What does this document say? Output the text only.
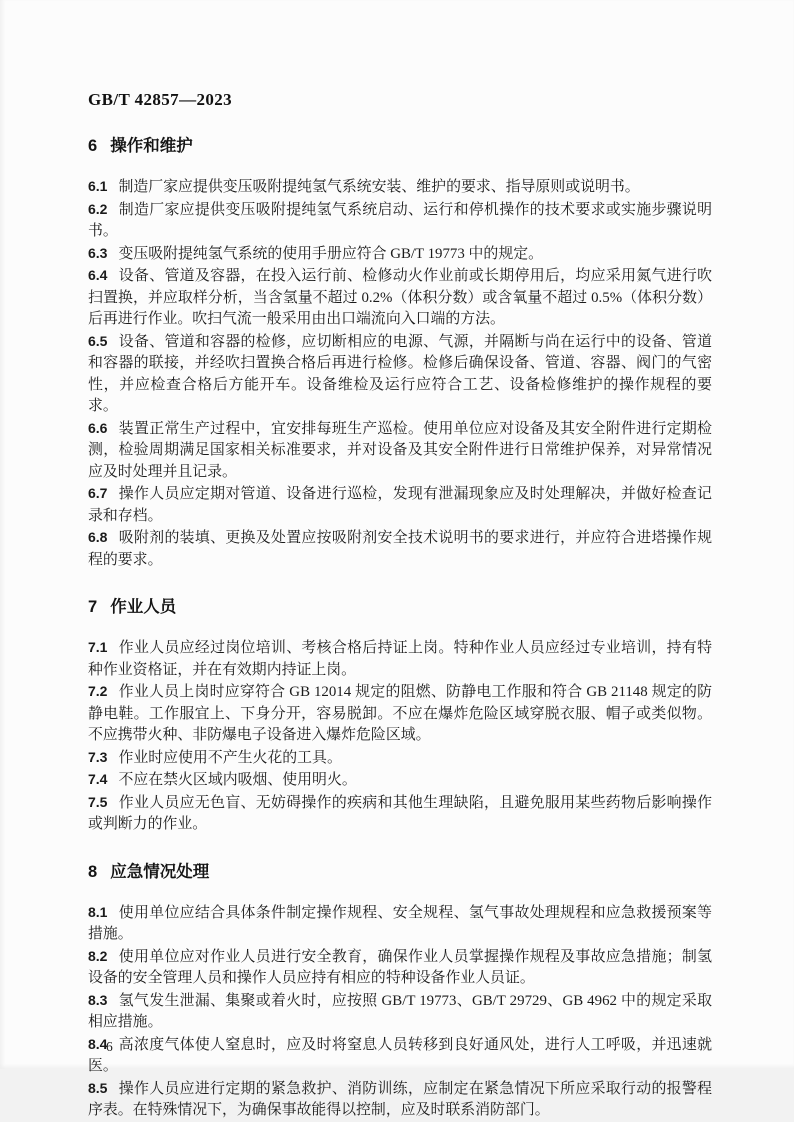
GB/T 42857—2023
6 操作和维护

6.1 制造厂家应提供变压吸附提纯氢气系统安装、维护的要求、指导原则或说明书。

6.2 制造厂家应提供变压吸附提纯氢气系统启动、运行和停机操作的技术要求或实施步骤说明书。

6.3 变压吸附提纯氢气系统的使用手册应符合 GB/T 19773 中的规定。

6.4 设备、管道及容器，在投入运行前、检修动火作业前或长期停用后，均应采用氮气进行吹扫置换，并应取样分析，当含氢量不超过 0.2%（体积分数）或含氧量不超过 0.5%（体积分数）后再进行作业。吹扫气流一般采用由出口端流向入口端的方法。

6.5 设备、管道和容器的检修，应切断相应的电源、气源，并隔断与尚在运行中的设备、管道和容器的联接，并经吹扫置换合格后再进行检修。检修后确保设备、管道、容器、阀门的气密性，并应检查合格后方能开车。设备维检及运行应符合工艺、设备检修维护的操作规程的要求。

6.6 装置正常生产过程中，宜安排每班生产巡检。使用单位应对设备及其安全附件进行定期检测，检验周期满足国家相关标准要求，并对设备及其安全附件进行日常维护保养，对异常情况应及时处理并且记录。

6.7 操作人员应定期对管道、设备进行巡检，发现有泄漏现象应及时处理解决，并做好检查记录和存档。

6.8 吸附剂的装填、更换及处置应按吸附剂安全技术说明书的要求进行，并应符合进塔操作规程的要求。

7 作业人员

7.1 作业人员应经过岗位培训、考核合格后持证上岗。特种作业人员应经过专业培训，持有特种作业资格证，并在有效期内持证上岗。

7.2 作业人员上岗时应穿符合 GB 12014 规定的阻燃、防静电工作服和符合 GB 21148 规定的防静电鞋。工作服宜上、下身分开，容易脱卸。不应在爆炸危险区域穿脱衣服、帽子或类似物。不应携带火种、非防爆电子设备进入爆炸危险区域。

7.3 作业时应使用不产生火花的工具。

7.4 不应在禁火区域内吸烟、使用明火。

7.5 作业人员应无色盲、无妨碍操作的疾病和其他生理缺陷，且避免服用某些药物后影响操作或判断力的作业。

8 应急情况处理

8.1 使用单位应结合具体条件制定操作规程、安全规程、氢气事故处理规程和应急救援预案等措施。

8.2 使用单位应对作业人员进行安全教育，确保作业人员掌握操作规程及事故应急措施；制氢设备的安全管理人员和操作人员应持有相应的特种设备作业人员证。

8.3 氢气发生泄漏、集聚或着火时，应按照 GB/T 19773、GB/T 29729、GB 4962 中的规定采取相应措施。

8.4 高浓度气体使人窒息时，应及时将窒息人员转移到良好通风处，进行人工呼吸，并迅速就医。

8.5 操作人员应进行定期的紧急救护、消防训练，应制定在紧急情况下所应采取行动的报警程序表。在特殊情况下，为确保事故能得以控制，应及时联系消防部门。

6
